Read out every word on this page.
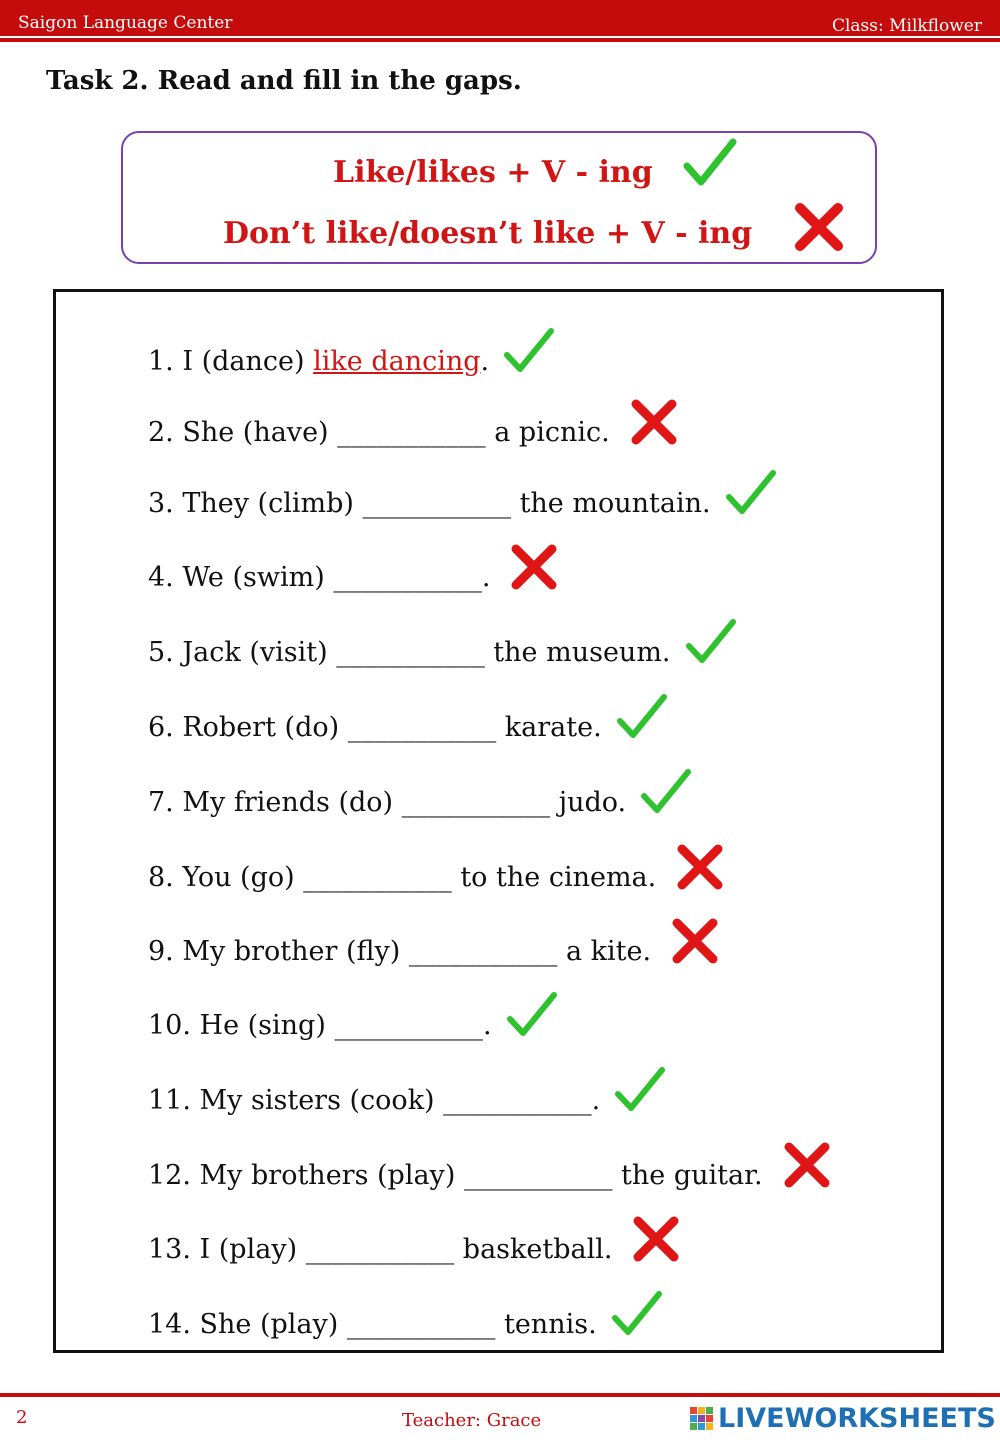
Saigon Language Center	Class: Milkflower
Task 2. Read and fill in the gaps.
Like/likes + V - ing
Don’t like/doesn’t like + V - ing
1. I (dance) like dancing.
2. She (have) ___________ a picnic.
3. They (climb) ___________ the mountain.
4. We (swim) ___________.
5. Jack (visit) ___________ the museum.
6. Robert (do) ___________ karate.
7. My friends (do) ___________ judo.
8. You (go) ___________ to the cinema.
9. My brother (fly) ___________ a kite.
10. He (sing) ___________.
11. My sisters (cook) ___________.
12. My brothers (play) ___________ the guitar.
13. I (play) ___________ basketball.
14. She (play) ___________ tennis.
2	Teacher: Grace	LIVEWORKSHEETS
